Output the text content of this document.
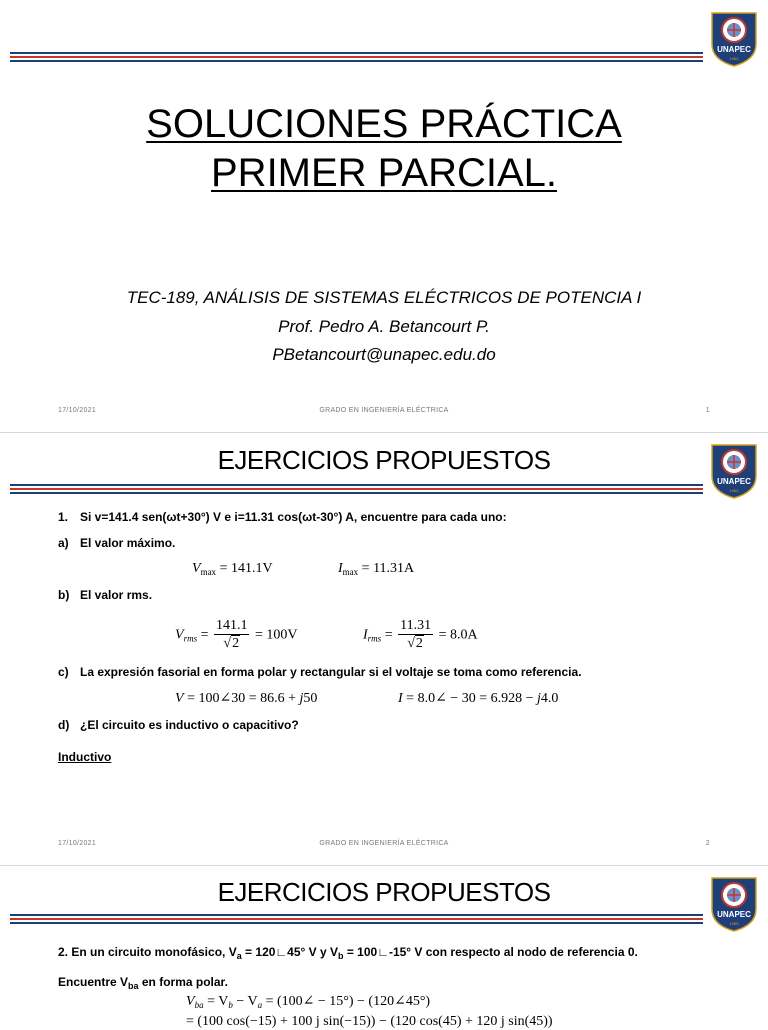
UNAPEC
1965
SOLUCIONES PRÁCTICA
PRIMER PARCIAL.
TEC-189, ANÁLISIS DE SISTEMAS ELÉCTRICOS DE POTENCIA I
Prof. Pedro A. Betancourt P.
PBetancourt@unapec.edu.do
17/10/2021	GRADO EN INGENIERÍA ELÉCTRICA	1
EJERCICIOS PROPUESTOS
UNAPEC
1965
1. Si v=141.4 sen(ωt+30°) V e i=11.31 cos(ωt-30°) A, encuentre para cada uno:
a) El valor máximo.
$V_{max} = 141.1V$	$I_{max} = 11.31A$
b) El valor rms.
$V_{rms} = \frac{141.1}{√2} = 100V$	$I_{rms} = \frac{11.31}{√2} = 8.0A$
c) La expresión fasorial en forma polar y rectangular si el voltaje se toma como referencia.
V = 100∠30 = 86.6 + j50	I = 8.0∠ − 30 = 6.928 − j4.0
d) ¿El circuito es inductivo o capacitivo?
Inductivo
17/10/2021	GRADO EN INGENIERÍA ELÉCTRICA	2
EJERCICIOS PROPUESTOS
UNAPEC
1965
2. En un circuito monofásico, $V_a$ = 120∟45° V y $V_b$ = 100∟-15° V con respecto al nodo de referencia 0.
Encuentre $V_{ba}$ en forma polar.
$V_{ba} = V_b - V_a$ = (100∠ − 15°) − (120∠45°)
= (100 cos(−15) + 100 j sin(−15)) − (120 cos(45) + 120 j sin(45))
